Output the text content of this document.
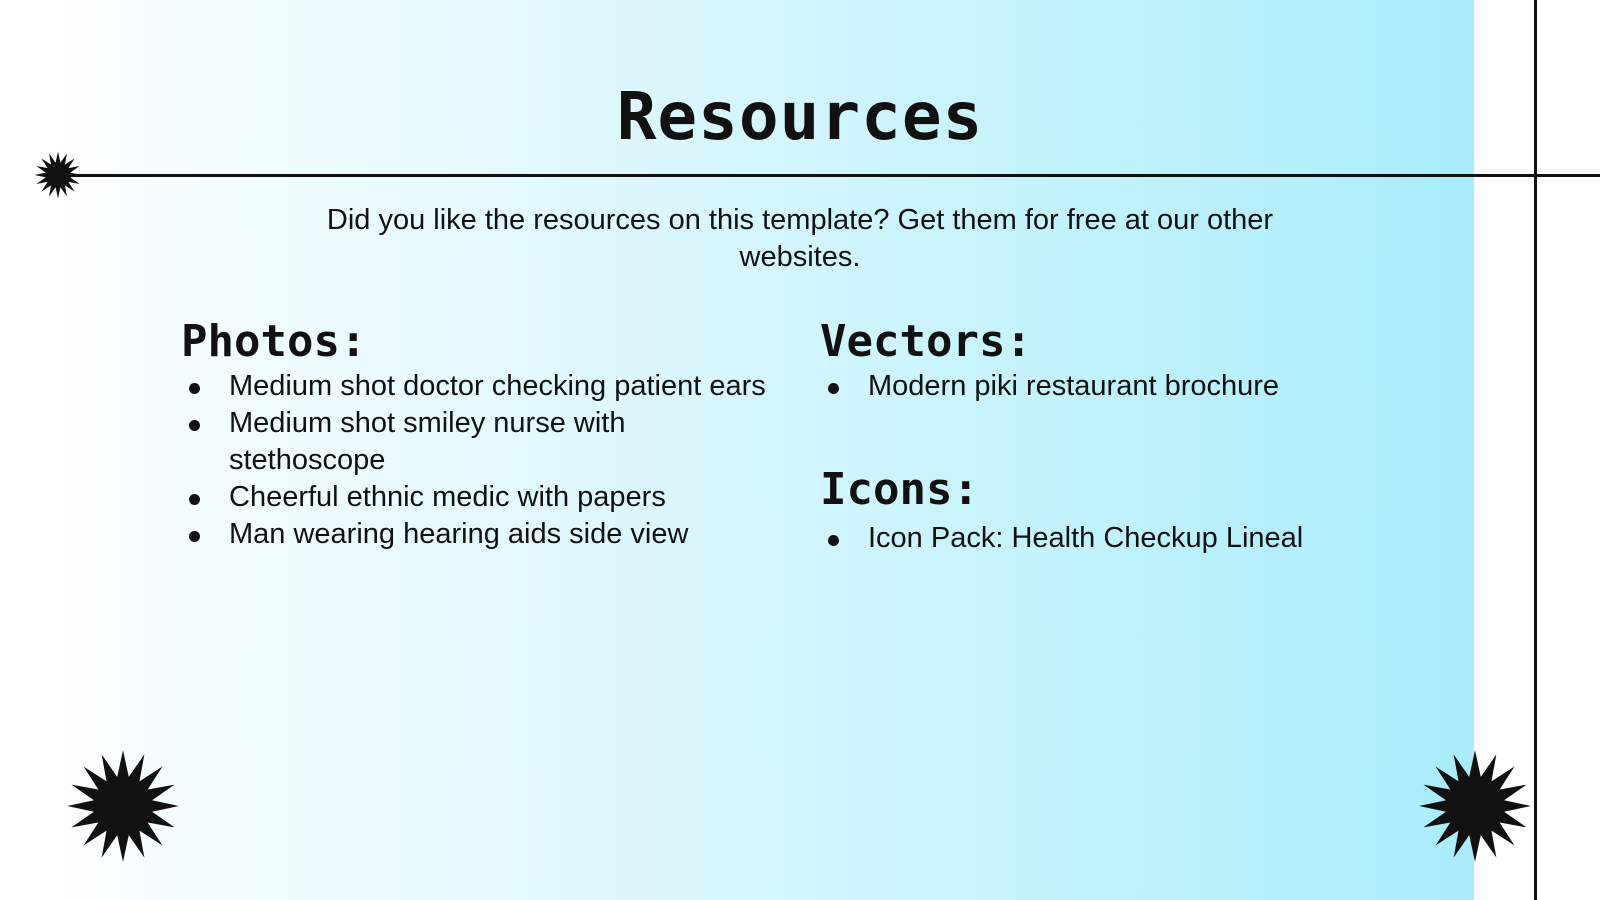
Resources

Did you like the resources on this template? Get them for free at our other websites.

Photos:
Medium shot doctor checking patient ears
Medium shot smiley nurse with stethoscope
Cheerful ethnic medic with papers
Man wearing hearing aids side view
Vectors:
Modern piki restaurant brochure
Icons:
Icon Pack: Health Checkup Lineal
